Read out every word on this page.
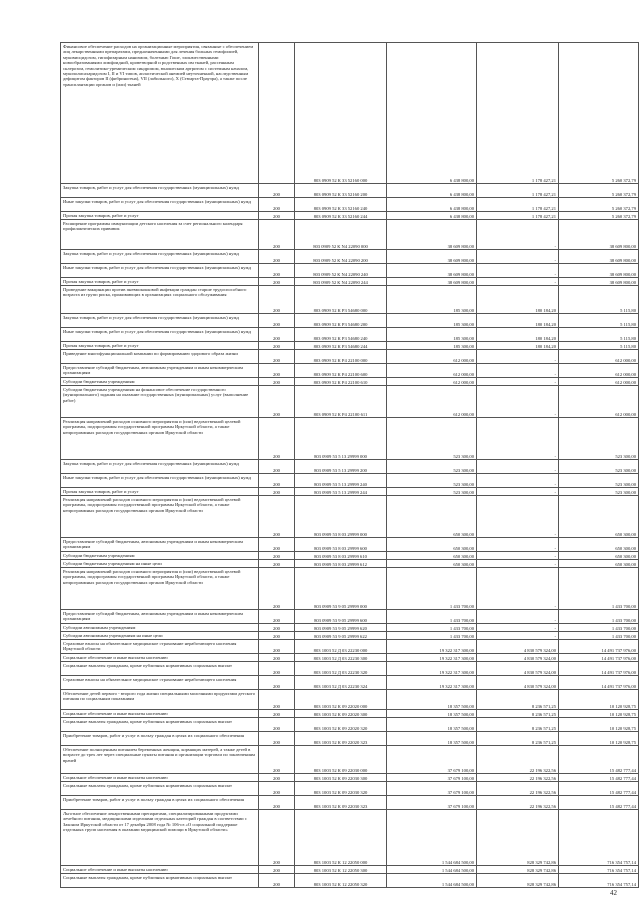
Финансовое обеспечение расходов на организационные мероприятия, связанные с обеспечением лиц лекарственными препаратами, предназначенными для лечения больных гемофилией, муковисцидозом, гипофизарным нанизмом, болезнью Гоше, злокачественными новообразованиями лимфоидной, кроветворной и родственных им тканей, рассеянным склерозом, гемолитико-уремическим синдромом, юношеским артритом с системным началом, мукополисахаридозом I, II и VI типов, апластической анемией неуточненной, наследственным дефицитом факторов II (фибриногена), VII (лабильного), X (Стюарта-Прауэра), а также после трансплантации органов и (или) тканей		803 0909 52 К 33 52160 000	6 438 800,00	1 178 427,21	5 260 372,79
Закупка товаров, работ и услуг для обеспечения государственных (муниципальных) нужд	200	803 0909 52 К 33 52160 200	6 438 800,00	1 178 427,21	5 260 372,79
Иные закупки товаров, работ и услуг для обеспечения государственных (муниципальных) нужд	200	803 0909 52 К 33 52160 240	6 438 800,00	1 178 427,21	5 260 372,79
Прочая закупка товаров, работ и услуг	200	803 0909 52 К 33 52160 244	6 438 800,00	1 178 427,21	5 260 372,79
Расширение программы иммунизации детского населения за счет регионального календаря профилактических прививок	200	803 0909 52 К N4 22090 000	38 609 800,00	-	38 609 800,00
Закупка товаров, работ и услуг для обеспечения государственных (муниципальных) нужд	200	803 0909 52 К N4 22090 200	38 609 800,00	-	38 609 800,00
Иные закупки товаров, работ и услуг для обеспечения государственных (муниципальных) нужд	200	803 0909 52 К N4 22090 240	38 609 800,00	-	38 609 800,00
Прочая закупка товаров, работ и услуг	200	803 0909 52 К N4 22090 244	38 609 800,00	-	38 609 800,00
Проведение вакцинации против пневмококковой инфекции граждан старше трудоспособного возраста из групп риска, проживающих в организациях социального обслуживания	200	803 0909 52 К P3 54680 000	185 300,00	180 184,20	5 115,80
Закупка товаров, работ и услуг для обеспечения государственных (муниципальных) нужд	200	803 0909 52 К P3 54680 200	185 300,00	180 184,20	5 115,80
Иные закупки товаров, работ и услуг для обеспечения государственных (муниципальных) нужд	200	803 0909 52 К P3 54680 240	185 300,00	180 184,20	5 115,80
Прочая закупка товаров, работ и услуг	200	803 0909 52 К P3 54680 244	185 300,00	180 184,20	5 115,80
Приведение многофункциональной компании по формированию здорового образа жизни	200	803 0909 52 К P4 22100 000	612 000,00	-	612 000,00
Предоставление субсидий бюджетным, автономным учреждениям и иным некоммерческим организациям	200	803 0909 52 К P4 22100 600	612 000,00	-	612 000,00
Субсидии бюджетным учреждениям	200	803 0909 52 К P4 22100 610	612 000,00	-	612 000,00
Субсидии бюджетным учреждениям на финансовое обеспечение государственного (муниципального) задания на оказание государственных (муниципальных) услуг (выполнение работ)	200	803 0909 52 К P4 22100 611	612 000,00	-	612 000,00
Реализация направлений расходов основного мероприятия и (или) ведомственной целевой программы, подпрограммы государственной программы Иркутской области, а также непрограммных расходов государственных органов Иркутской области	200	803 0909 53 5 13 29999 000	523 300,00	-	523 300,00
Закупка товаров, работ и услуг для обеспечения государственных (муниципальных) нужд	200	803 0909 53 5 13 29999 200	523 300,00	-	523 300,00
Иные закупки товаров, работ и услуг для обеспечения государственных (муниципальных) нужд	200	803 0909 53 5 13 29999 240	523 300,00	-	523 300,00
Прочая закупка товаров, работ и услуг	200	803 0909 53 5 13 29999 244	523 300,00	-	523 300,00
Реализация направлений расходов основного мероприятия и (или) ведомственной целевой программы, подпрограммы государственной программы Иркутской области, а также непрограммных расходов государственных органов Иркутской области	200	803 0909 53 8 03 29999 000	650 300,00	-	650 300,00
Предоставление субсидий бюджетным, автономным учреждениям и иным некоммерческим организациям	200	803 0909 53 8 03 29999 600	650 300,00	-	650 300,00
Субсидии бюджетным учреждениям	200	803 0909 53 8 03 29999 610	650 300,00	-	650 300,00
Субсидии бюджетным учреждениям на иные цели	200	803 0909 53 8 03 29999 612	650 300,00	-	650 300,00
Реализация направлений расходов основного мероприятия и (или) ведомственной целевой программы, подпрограммы государственной программы Иркутской области, а также непрограммных расходов государственных органов Иркутской области	200	803 0909 53 9 05 29999 000	1 433 700,00	-	1 433 700,00
Предоставление субсидий бюджетным, автономным учреждениям и иным некоммерческим организациям	200	803 0909 53 9 05 29999 600	1 433 700,00	-	1 433 700,00
Субсидии автономным учреждениям	200	803 0909 53 9 05 29999 620	1 433 700,00	-	1 433 700,00
Субсидии автономным учреждениям на иные цели	200	803 0909 53 9 05 29999 622	1 433 700,00	-	1 433 700,00
Страховые взносы на обязательное медицинское страхование неработающего населения Иркутской области	200	803 1003 52 Д 03 22230 000	19 322 317 300,00	4 830 579 324,00	14 491 737 976,00
Социальное обеспечение и иные выплаты населению	200	803 1003 52 Д 03 22230 300	19 322 317 300,00	4 830 579 324,00	14 491 737 976,00
Социальные выплаты гражданам, кроме публичных нормативных социальных выплат	200	803 1003 52 Д 03 22230 320	19 322 317 300,00	4 830 579 324,00	14 491 737 976,00
Страховые взносы на обязательное медицинское страхование неработающего населения	200	803 1003 52 Д 03 22230 324	19 322 317 300,00	4 830 579 324,00	14 491 737 976,00
Обеспечение детей первого - второго года жизни специальными молочными продуктами детского питания по социальным показаниям	200	803 1003 52 К 09 22020 000	18 357 500,00	8 236 571,25	10 120 928,75
Социальное обеспечение и иные выплаты населению	200	803 1003 52 К 09 22020 300	18 357 500,00	8 236 571,25	10 120 928,75
Социальные выплаты гражданам, кроме публичных нормативных социальных выплат	200	803 1003 52 К 09 22020 320	18 357 500,00	8 236 571,25	10 120 928,75
Приобретение товаров, работ и услуг в пользу граждан в целях их социального обеспечения	200	803 1003 52 К 09 22020 323	18 357 500,00	8 236 571,25	10 120 928,75
Обеспечение полноценным питанием беременных женщин, кормящих матерей, а также детей в возрасте до трех лет через специальные пункты питания и организации торговли по заключениям врачей	200	803 1003 52 К 09 22030 000	37 679 100,00	22 196 322,56	15 482 777,44
Социальное обеспечение и иные выплаты населению	200	803 1003 52 К 09 22030 300	37 679 100,00	22 196 322,56	15 482 777,44
Социальные выплаты гражданам, кроме публичных нормативных социальных выплат	200	803 1003 52 К 09 22030 320	37 679 100,00	22 196 322,56	15 482 777,44
Приобретение товаров, работ и услуг в пользу граждан в целях их социального обеспечения	200	803 1003 52 К 09 22030 323	37 679 100,00	22 196 322,56	15 482 777,44
Льготное обеспечение лекарственными препаратами, специализированными продуктами лечебного питания, медицинскими изделиями отдельных категорий граждан в соответствии с Законом Иркутской области от 17 декабря 2008 года № 106-оз «О социальной поддержке отдельных групп населения в оказании медицинской помощи в Иркутской области»	200	803 1003 52 К 12 22050 000	1 544 684 500,00	828 329 742,86	716 354 757,14
Социальное обеспечение и иные выплаты населению	200	803 1003 52 К 12 22050 300	1 544 684 500,00	828 329 742,86	716 354 757,14
Социальные выплаты гражданам, кроме публичных нормативных социальных выплат	200	803 1003 52 К 12 22050 320	1 544 684 500,00	828 329 742,86	716 354 757,14
42
